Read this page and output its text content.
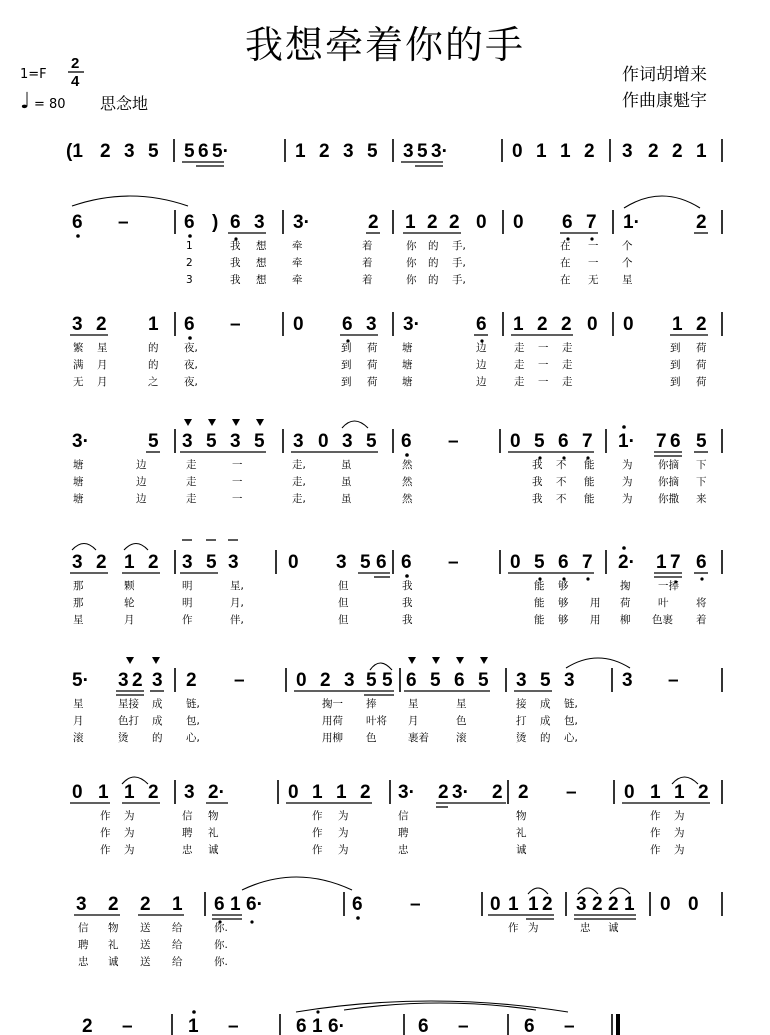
我想牵着你的手
1=F
2
4
♩ = 80 思念地
作词胡增来
作曲康魁宇
(1 2 3 5 5 6 5·	1 2 3 5 3 5 3·	0 1 1 2 3 2 2 1
6 –	6 ) 6 3 3·	2 1 2 2 0 0 6 7 1·	2
1	我 想 牵	着	你 的 手,	在 一 个
2	我 想 牵	着	你 的 手,	在 一 个
3	我 想 牵	着	你 的 手,	在 无 星
3 2 1 6 –	0 6 3 3·	6 1 2 2 0 0 1 2
繁 星	的 夜,	到 荷 塘	边	走 一 走	到 荷
满 月	的 夜,	到 荷 塘	边	走 一 走	到 荷
无 月	之 夜,	到 荷 塘	边	走 一 走	到 荷
3·	5 3 5 3 5 3 0 3 5 6 –	0 5 6 7 1· 7 6 5
塘	边	走	一	走,	虽	然	我 不 能	为 你摘 下
塘	边	走	一	走,	虽	然	我 不 能	为 你摘 下
塘	边	走	一	走,	虽	然	我 不 能	为 你撒 来
3 2 1 2 3 5 3	0 3 5 6 6 –	0 5 6 7 2· 1 7 6
那	颗	明	星,	但	我	能 够	掬	一捧
那	轮	明	月,	但	我	能 够 用 荷	叶	将
星	月	作	伴,	但	我	能 够 用 柳 色裹 着
5· 3 2 3 2 –	0 2 3 5 5 6 5 6 5 3 5 3 3 –
星	星接 成 链,	掬一 捧	星	星	接 成 链,
月	色打 成 包,	用荷 叶将 月	色	打 成 包,
滚	烫 的 心,	用柳 色	裹着	滚	烫 的 心,
0 1 1 2 3 2·	0 1 1 2 3· 2 3· 2 2 – 0 1 1 2
作 为	信 物	作 为	信	物	作 为
作 为	聘 礼	作 为	聘	礼	作 为
作 为	忠 诚	作 为	忠	诚	作 为
3 2 2 1 6 1 6·	6 –	0 1 1 2 3 2 2 1 0 0
信 物 送 给	你.	作 为	忠 诚
聘 礼 送 给	你.
忠 诚 送 给	你.
2 –	1 –	6 1 6·	6 –	6 –
